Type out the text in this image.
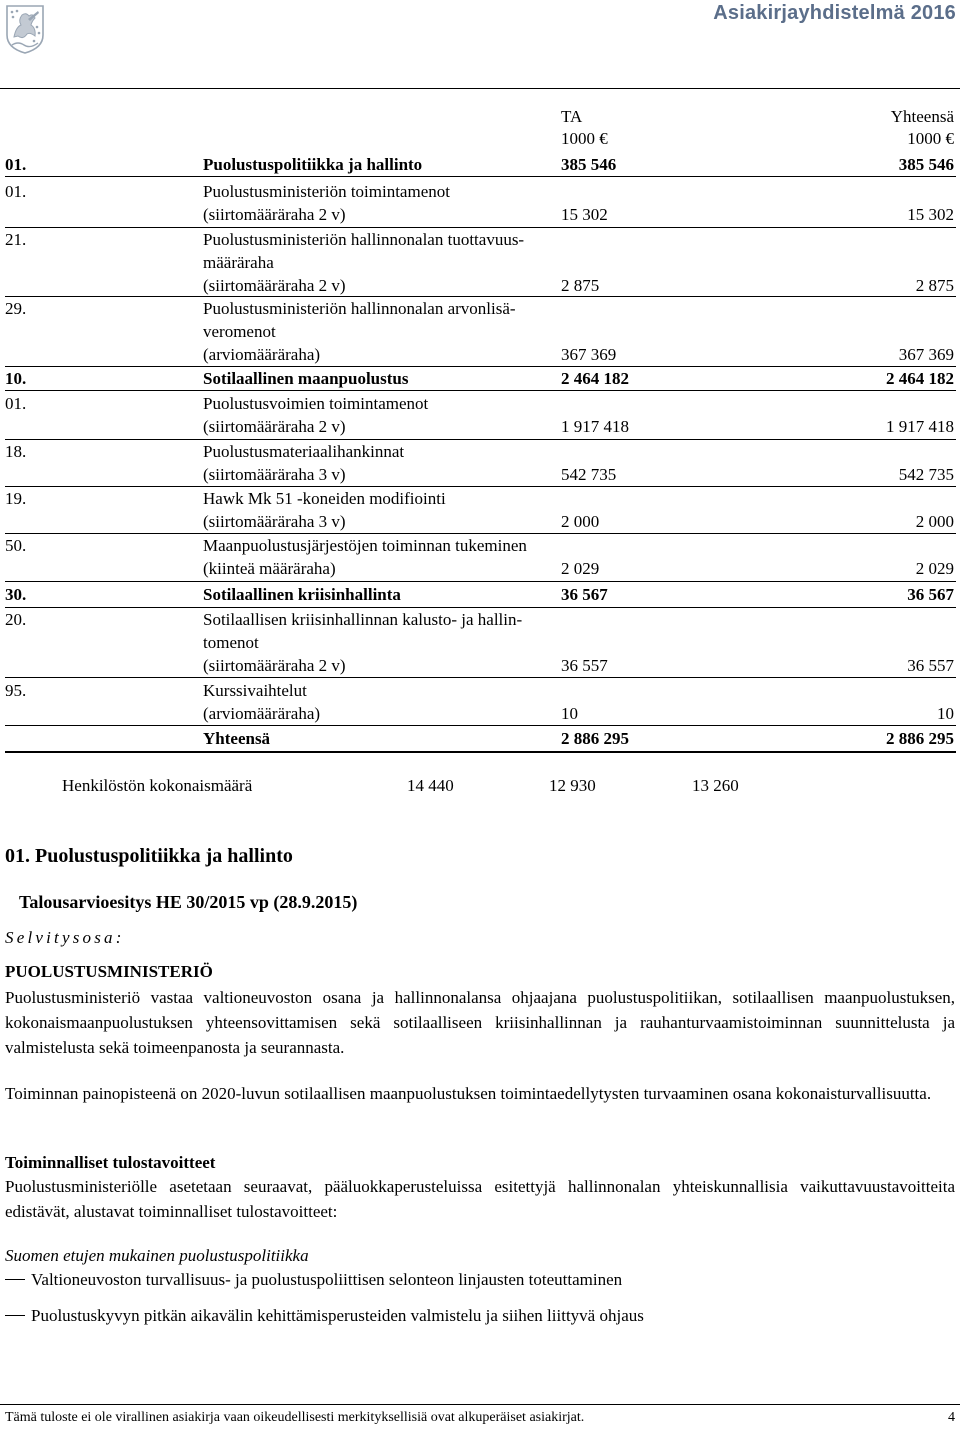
Asiakirjayhdistelmä 2016
TA
1000 €
Yhteensä
1000 €
01.	Puolustuspolitiikka ja hallinto	385 546	385 546
01.	Puolustusministeriön toimintamenot
(siirtomääräraha 2 v)	15 302	15 302
21.	Puolustusministeriön hallinnonalan tuottavuus-
määräraha
(siirtomääräraha 2 v)	2 875	2 875
29.	Puolustusministeriön hallinnonalan arvonlisä-
veromenot
(arviomääräraha)	367 369	367 369
10.	Sotilaallinen maanpuolustus	2 464 182	2 464 182
01.	Puolustusvoimien toimintamenot
(siirtomääräraha 2 v)	1 917 418	1 917 418
18.	Puolustusmateriaalihankinnat
(siirtomääräraha 3 v)	542 735	542 735
19.	Hawk Mk 51 -koneiden modifiointi
(siirtomääräraha 3 v)	2 000	2 000
50.	Maanpuolustusjärjestöjen toiminnan tukeminen
(kiinteä määräraha)	2 029	2 029
30.	Sotilaallinen kriisinhallinta	36 567	36 567
20.	Sotilaallisen kriisinhallinnan kalusto- ja hallin-
tomenot
(siirtomääräraha 2 v)	36 557	36 557
95.	Kurssivaihtelut
(arviomääräraha)	10	10
Yhteensä	2 886 295	2 886 295
Henkilöstön kokonaismäärä	14 440	12 930	13 260
01. Puolustuspolitiikka ja hallinto
Talousarvioesitys HE 30/2015 vp (28.9.2015)
Selvitysosa:
PUOLUSTUSMINISTERIÖ

Puolustusministeriö vastaa valtioneuvoston osana ja hallinnonalansa ohjaajana puolustuspolitiikan, sotilaallisen maanpuolustuksen, kokonaismaanpuolustuksen yhteensovittamisen sekä sotilaalliseen kriisinhallinnan ja rauhanturvaamistoiminnan suunnittelusta ja valmistelusta sekä toimeenpanosta ja seurannasta.

Toiminnan painopisteenä on 2020-luvun sotilaallisen maanpuolustuksen toimintaedellytysten turvaaminen osana kokonaisturvallisuutta.

Toiminnalliset tulostavoitteet

Puolustusministeriölle asetetaan seuraavat, pääluokkaperusteluissa esitettyjä hallinnonalan yhteiskunnallisia vaikuttavuustavoitteita edistävät, alustavat toiminnalliset tulostavoitteet:

Suomen etujen mukainen puolustuspolitiikka
Valtioneuvoston turvallisuus- ja puolustuspoliittisen selonteon linjausten toteuttaminen
Puolustuskyvyn pitkän aikavälin kehittämisperusteiden valmistelu ja siihen liittyvä ohjaus
Tämä tuloste ei ole virallinen asiakirja vaan oikeudellisesti merkityksellisiä ovat alkuperäiset asiakirjat.	4
